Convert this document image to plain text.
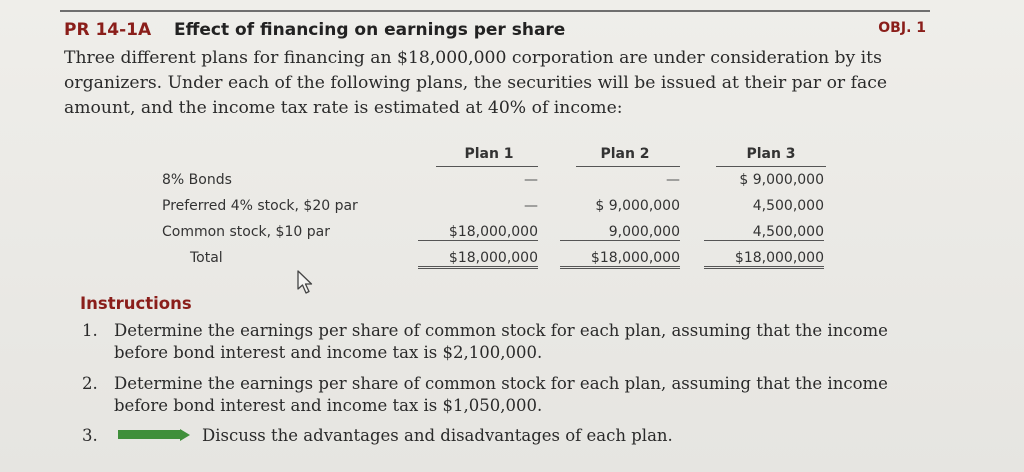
PR 14-1A Effect of financing on earnings per share	OBJ. 1

Three different plans for financing an $18,000,000 corporation are under consideration by its organizers. Under each of the following plans, the securities will be issued at their par or face amount, and the income tax rate is estimated at 40% of income:

Plan 1	Plan 2	Plan 3
8% Bonds	—	—	$ 9,000,000
Preferred 4% stock, $20 par	—	$ 9,000,000	4,500,000
Common stock, $10 par	$18,000,000	9,000,000	4,500,000
Total	$18,000,000	$18,000,000	$18,000,000
Instructions
1. Determine the earnings per share of common stock for each plan, assuming that the income before bond interest and income tax is $2,100,000.
2. Determine the earnings per share of common stock for each plan, assuming that the income before bond interest and income tax is $1,050,000.
3.	Discuss the advantages and disadvantages of each plan.
